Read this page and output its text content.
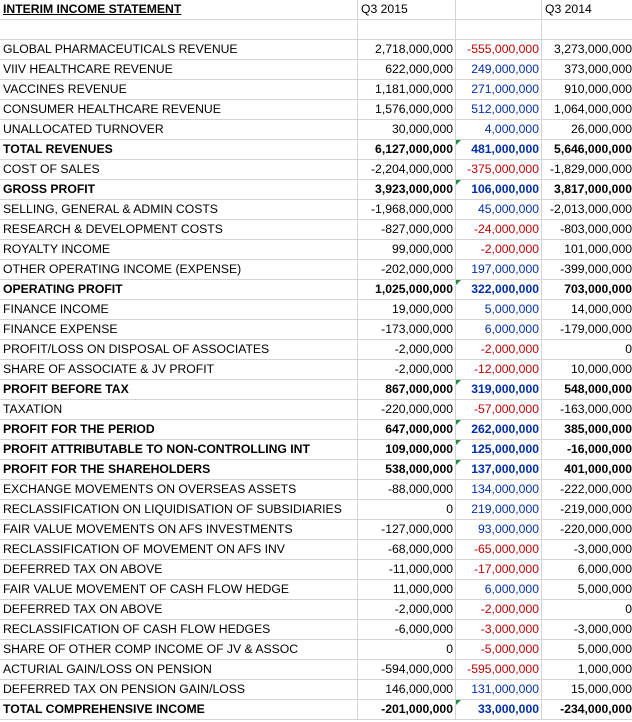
INTERIM INCOME STATEMENT	Q3 2015		Q3 2014

GLOBAL PHARMACEUTICALS REVENUE	2,718,000,000	-555,000,000	3,273,000,000
VIIV HEALTHCARE REVENUE	622,000,000	249,000,000	373,000,000
VACCINES REVENUE	1,181,000,000	271,000,000	910,000,000
CONSUMER HEALTHCARE REVENUE	1,576,000,000	512,000,000	1,064,000,000
UNALLOCATED TURNOVER	30,000,000	4,000,000	26,000,000
TOTAL REVENUES	6,127,000,000	481,000,000	5,646,000,000
COST OF SALES	-2,204,000,000	-375,000,000	-1,829,000,000
GROSS PROFIT	3,923,000,000	106,000,000	3,817,000,000
SELLING, GENERAL & ADMIN COSTS	-1,968,000,000	45,000,000	-2,013,000,000
RESEARCH & DEVELOPMENT COSTS	-827,000,000	-24,000,000	-803,000,000
ROYALTY INCOME	99,000,000	-2,000,000	101,000,000
OTHER OPERATING INCOME (EXPENSE)	-202,000,000	197,000,000	-399,000,000
OPERATING PROFIT	1,025,000,000	322,000,000	703,000,000
FINANCE INCOME	19,000,000	5,000,000	14,000,000
FINANCE EXPENSE	-173,000,000	6,000,000	-179,000,000
PROFIT/LOSS ON DISPOSAL OF ASSOCIATES	-2,000,000	-2,000,000	0
SHARE OF ASSOCIATE & JV PROFIT	-2,000,000	-12,000,000	10,000,000
PROFIT BEFORE TAX	867,000,000	319,000,000	548,000,000
TAXATION	-220,000,000	-57,000,000	-163,000,000
PROFIT FOR THE PERIOD	647,000,000	262,000,000	385,000,000
PROFIT ATTRIBUTABLE TO NON-CONTROLLING INT	109,000,000	125,000,000	-16,000,000
PROFIT FOR THE SHAREHOLDERS	538,000,000	137,000,000	401,000,000
EXCHANGE MOVEMENTS ON OVERSEAS ASSETS	-88,000,000	134,000,000	-222,000,000
RECLASSIFICATION ON LIQUIDISATION OF SUBSIDIARIES	0	219,000,000	-219,000,000
FAIR VALUE MOVEMENTS ON AFS INVESTMENTS	-127,000,000	93,000,000	-220,000,000
RECLASSIFICATION OF MOVEMENT ON AFS INV	-68,000,000	-65,000,000	-3,000,000
DEFERRED TAX ON ABOVE	-11,000,000	-17,000,000	6,000,000
FAIR VALUE MOVEMENT OF CASH FLOW HEDGE	11,000,000	6,000,000	5,000,000
DEFERRED TAX ON ABOVE	-2,000,000	-2,000,000	0
RECLASSIFICATION OF CASH FLOW HEDGES	-6,000,000	-3,000,000	-3,000,000
SHARE OF OTHER COMP INCOME OF JV & ASSOC	0	-5,000,000	5,000,000
ACTURIAL GAIN/LOSS ON PENSION	-594,000,000	-595,000,000	1,000,000
DEFERRED TAX ON PENSION GAIN/LOSS	146,000,000	131,000,000	15,000,000
TOTAL COMPREHENSIVE INCOME	-201,000,000	33,000,000	-234,000,000
